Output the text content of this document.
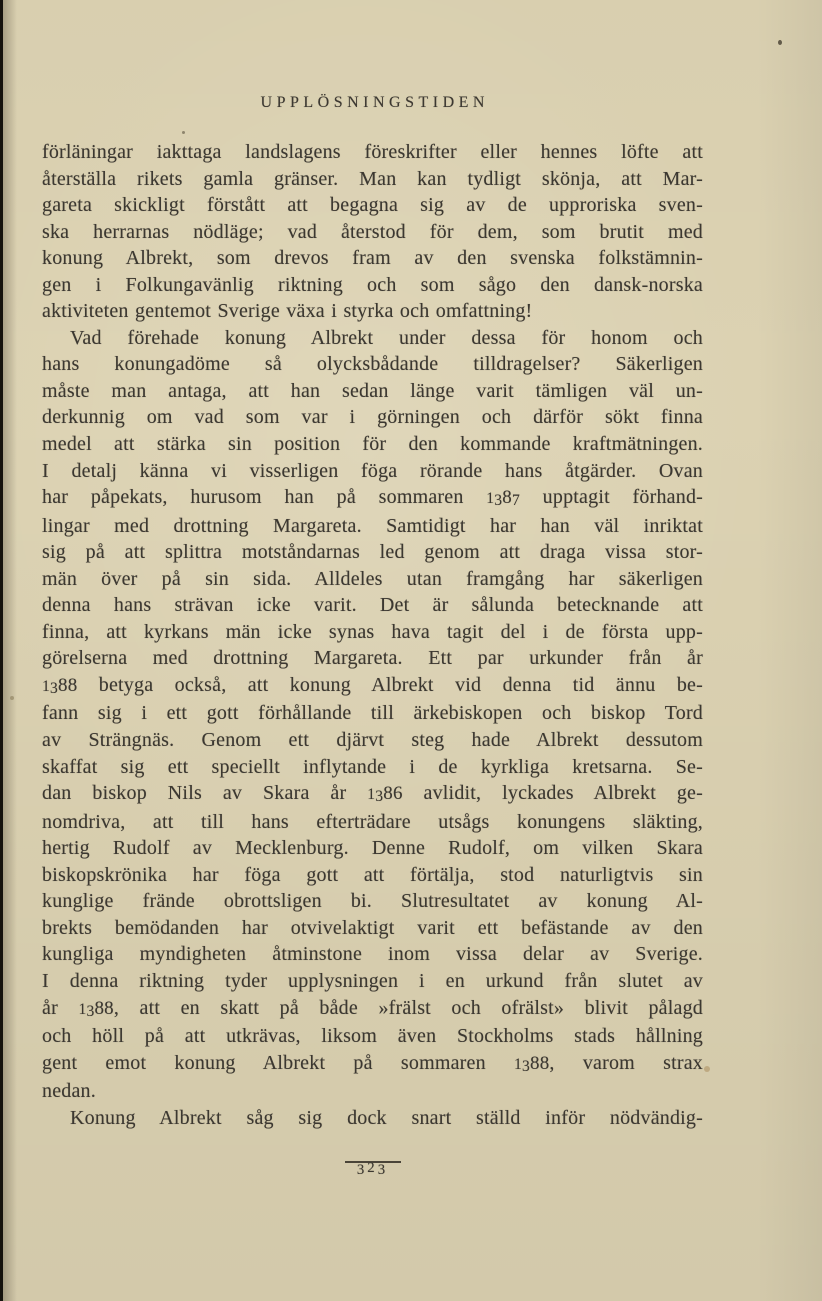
UPPLÖSNINGSTIDEN
förläningar iakttaga landslagens föreskrifter eller hennes löfte att
återställa rikets gamla gränser. Man kan tydligt skönja, att Mar-
gareta skickligt förstått att begagna sig av de upproriska sven-
ska herrarnas nödläge; vad återstod för dem, som brutit med
konung Albrekt, som drevos fram av den svenska folkstämnin-
gen i Folkungavänlig riktning och som sågo den dansk-norska
aktiviteten gentemot Sverige växa i styrka och omfattning!
Vad förehade konung Albrekt under dessa för honom och
hans konungadöme så olycksbådande tilldragelser? Säkerligen
måste man antaga, att han sedan länge varit tämligen väl un-
derkunnig om vad som var i görningen och därför sökt finna
medel att stärka sin position för den kommande kraftmätningen.
I detalj känna vi visserligen föga rörande hans åtgärder. Ovan
har påpekats, hurusom han på sommaren 1387 upptagit förhand-
lingar med drottning Margareta. Samtidigt har han väl inriktat
sig på att splittra motståndarnas led genom att draga vissa stor-
män över på sin sida. Alldeles utan framgång har säkerligen
denna hans strävan icke varit. Det är sålunda betecknande att
finna, att kyrkans män icke synas hava tagit del i de första upp-
görelserna med drottning Margareta. Ett par urkunder från år
1388 betyga också, att konung Albrekt vid denna tid ännu be-
fann sig i ett gott förhållande till ärkebiskopen och biskop Tord
av Strängnäs. Genom ett djärvt steg hade Albrekt dessutom
skaffat sig ett speciellt inflytande i de kyrkliga kretsarna. Se-
dan biskop Nils av Skara år 1386 avlidit, lyckades Albrekt ge-
nomdriva, att till hans efterträdare utsågs konungens släkting,
hertig Rudolf av Mecklenburg. Denne Rudolf, om vilken Skara
biskopskrönika har föga gott att förtälja, stod naturligtvis sin
kunglige frände obrottsligen bi. Slutresultatet av konung Al-
brekts bemödanden har otvivelaktigt varit ett befästande av den
kungliga myndigheten åtminstone inom vissa delar av Sverige.
I denna riktning tyder upplysningen i en urkund från slutet av
år 1388, att en skatt på både »frälst och ofrälst» blivit pålagd
och höll på att utkrävas, liksom även Stockholms stads hållning
gent emot konung Albrekt på sommaren 1388, varom strax
nedan.
Konung Albrekt såg sig dock snart ställd inför nödvändig-
323
